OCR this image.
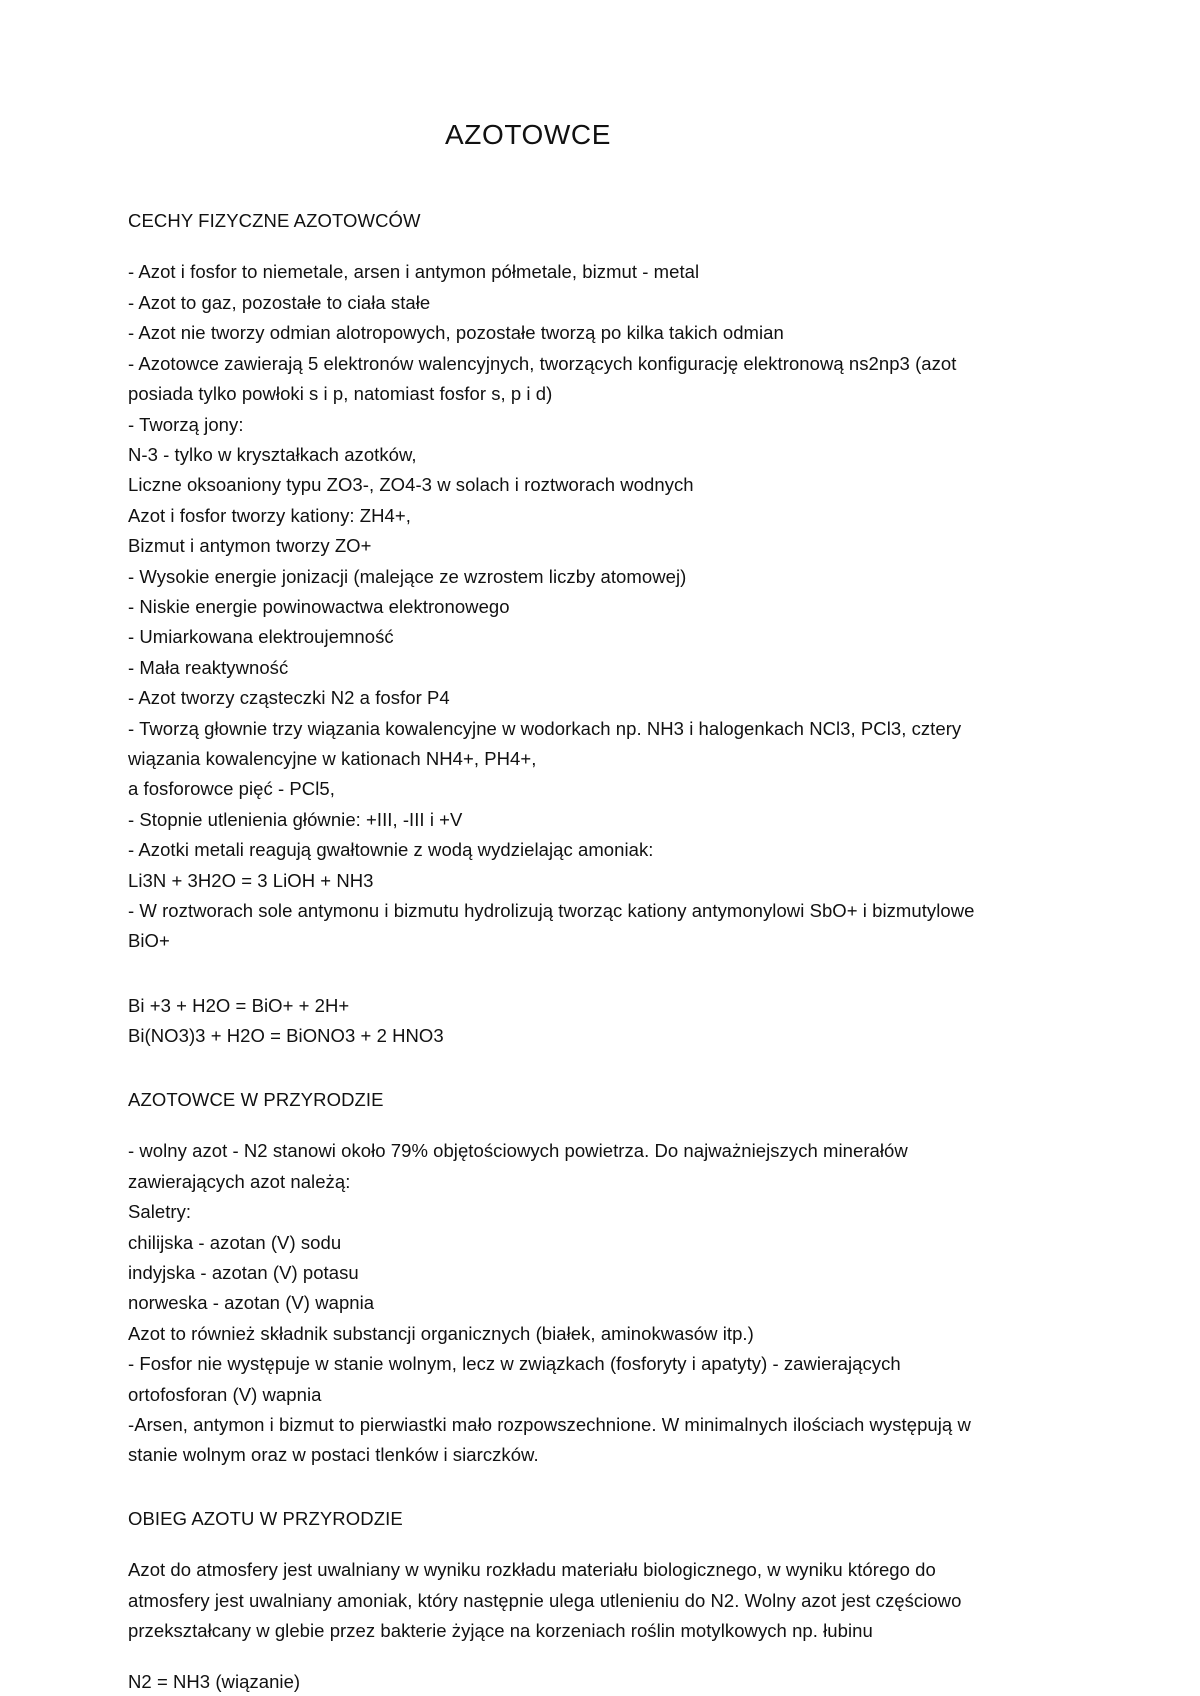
AZOTOWCE
CECHY FIZYCZNE AZOTOWCÓW

- Azot i fosfor to niemetale, arsen i antymon półmetale, bizmut - metal

- Azot to gaz, pozostałe to ciała stałe

- Azot nie tworzy odmian alotropowych, pozostałe tworzą po kilka takich odmian

- Azotowce zawierają 5 elektronów walencyjnych, tworzących konfigurację elektronową ns2np3 (azot posiada tylko powłoki s i p, natomiast fosfor s, p i d)

- Tworzą jony:

N-3 - tylko w kryształkach azotków,

Liczne oksoaniony typu ZO3-, ZO4-3 w solach i roztworach wodnych

Azot i fosfor tworzy kationy: ZH4+,

Bizmut i antymon tworzy ZO+

- Wysokie energie jonizacji (malejące ze wzrostem liczby atomowej)

- Niskie energie powinowactwa elektronowego

- Umiarkowana elektroujemność

- Mała reaktywność

- Azot tworzy cząsteczki N2 a fosfor P4

- Tworzą głownie trzy wiązania kowalencyjne w wodorkach np. NH3 i halogenkach NCl3, PCl3, cztery wiązania kowalencyjne w kationach NH4+, PH4+,

a fosforowce pięć - PCl5,

- Stopnie utlenienia głównie: +III, -III i +V

- Azotki metali reagują gwałtownie z wodą wydzielając amoniak:

Li3N + 3H2O = 3 LiOH + NH3

- W roztworach sole antymonu i bizmutu hydrolizują tworząc kationy antymonylowi SbO+ i bizmutylowe BiO+

Bi +3 + H2O = BiO+ + 2H+

Bi(NO3)3 + H2O = BiONO3 + 2 HNO3

AZOTOWCE W PRZYRODZIE

- wolny azot - N2 stanowi około 79% objętościowych powietrza. Do najważniejszych minerałów zawierających azot należą:

Saletry:

chilijska - azotan (V) sodu

indyjska - azotan (V) potasu

norweska - azotan (V) wapnia

Azot to również składnik substancji organicznych (białek, aminokwasów itp.)

- Fosfor nie występuje w stanie wolnym, lecz w związkach (fosforyty i apatyty) - zawierających ortofosforan (V) wapnia

-Arsen, antymon i bizmut to pierwiastki mało rozpowszechnione. W minimalnych ilościach występują w stanie wolnym oraz w postaci tlenków i siarczków.

OBIEG AZOTU W PRZYRODZIE

Azot do atmosfery jest uwalniany w wyniku rozkładu materiału biologicznego, w wyniku którego do atmosfery jest uwalniany amoniak, który następnie ulega utlenieniu do N2. Wolny azot jest częściowo przekształcany w glebie przez bakterie żyjące na korzeniach roślin motylkowych np. łubinu

N2 = NH3 (wiązanie)
